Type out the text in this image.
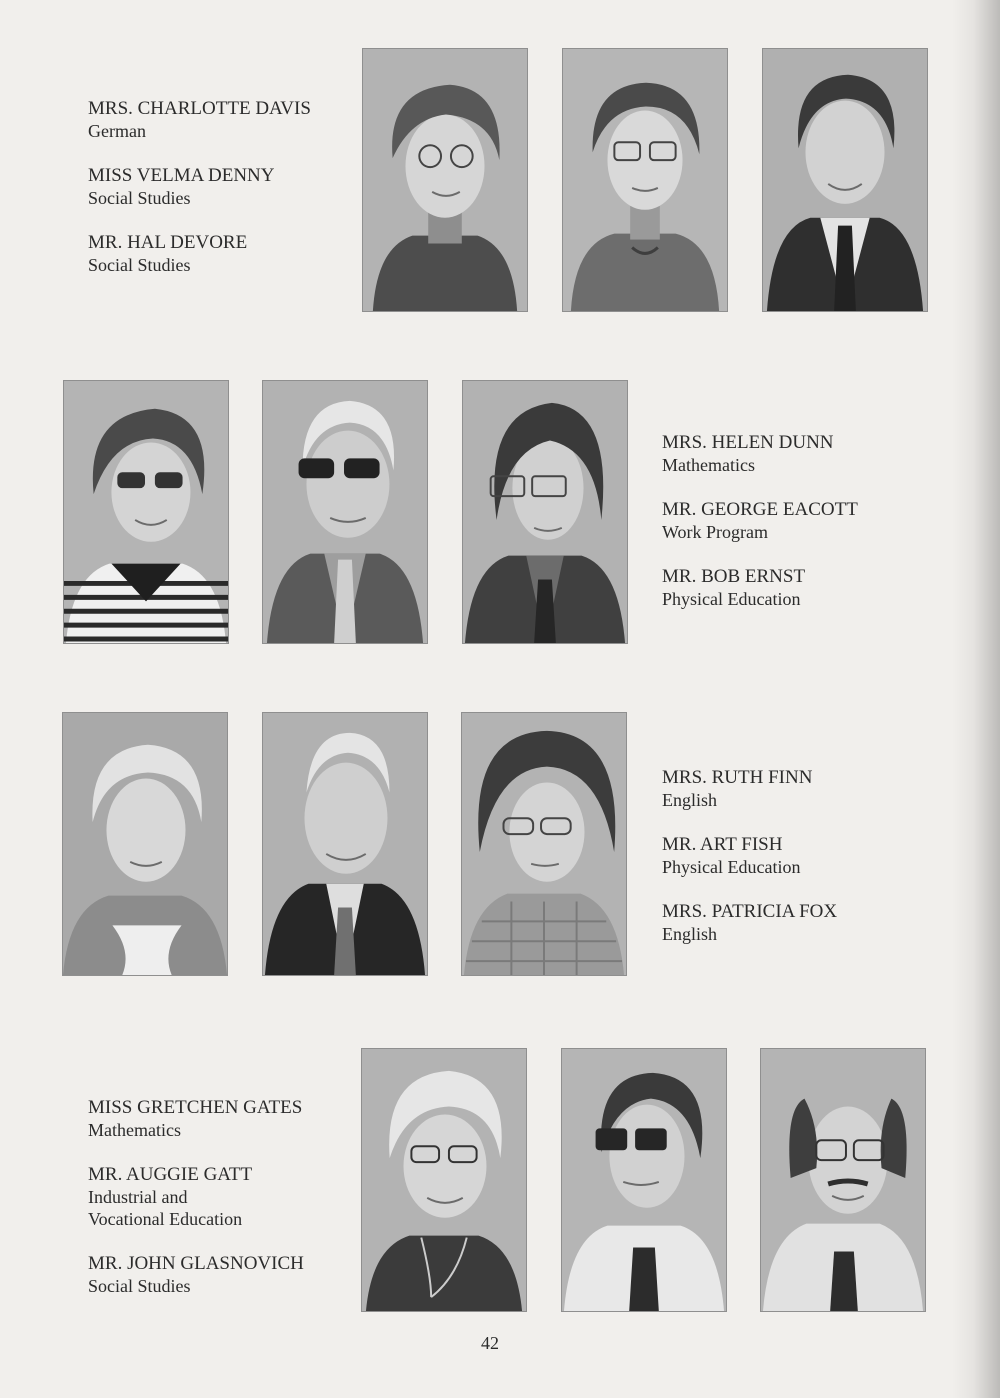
MRS. CHARLOTTE DAVIS
German
MISS VELMA DENNY
Social Studies
MR. HAL DEVORE
Social Studies
MRS. HELEN DUNN
Mathematics
MR. GEORGE EACOTT
Work Program
MR. BOB ERNST
Physical Education
MRS. RUTH FINN
English
MR. ART FISH
Physical Education
MRS. PATRICIA FOX
English
MISS GRETCHEN GATES
Mathematics
MR. AUGGIE GATT
Industrial and
Vocational Education
MR. JOHN GLASNOVICH
Social Studies
42
